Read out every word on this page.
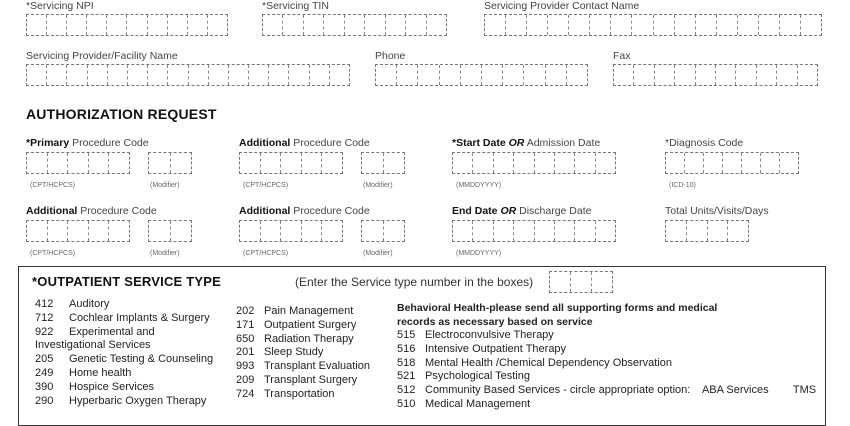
*Servicing NPI	*Servicing TIN	Servicing Provider Contact Name
Servicing Provider/Facility Name	Phone	Fax
AUTHORIZATION REQUEST
*Primary Procedure Code
(CPT/HCPCS)	(Modifier)
Additional Procedure Code
(CPT/HCPCS)	(Modifier)
*Start Date OR Admission Date
(MMDDYYYY)
*Diagnosis Code
(ICD-10)
Additional Procedure Code
(CPT/HCPCS)	(Modifier)
Additional Procedure Code
(CPT/HCPCS)	(Modifier)
End Date OR Discharge Date
(MMDDYYYY)
Total Units/Visits/Days
*OUTPATIENT SERVICE TYPE	(Enter the Service type number in the boxes)
412 Auditory
712 Cochlear Implants & Surgery
922 Experimental and
Investigational Services
205 Genetic Testing & Counseling
249 Home health
390 Hospice Services
290 Hyperbaric Oxygen Therapy
202 Pain Management
171 Outpatient Surgery
650 Radiation Therapy
201 Sleep Study
993 Transplant Evaluation
209 Transplant Surgery
724 Transportation
Behavioral Health-please send all supporting forms and medical
records as necessary based on service
515 Electroconvulsive Therapy
516 Intensive Outpatient Therapy
518 Mental Health /Chemical Dependency Observation
521 Psychological Testing
512 Community Based Services - circle appropriate option:    ABA Services        TMS
510 Medical Management
